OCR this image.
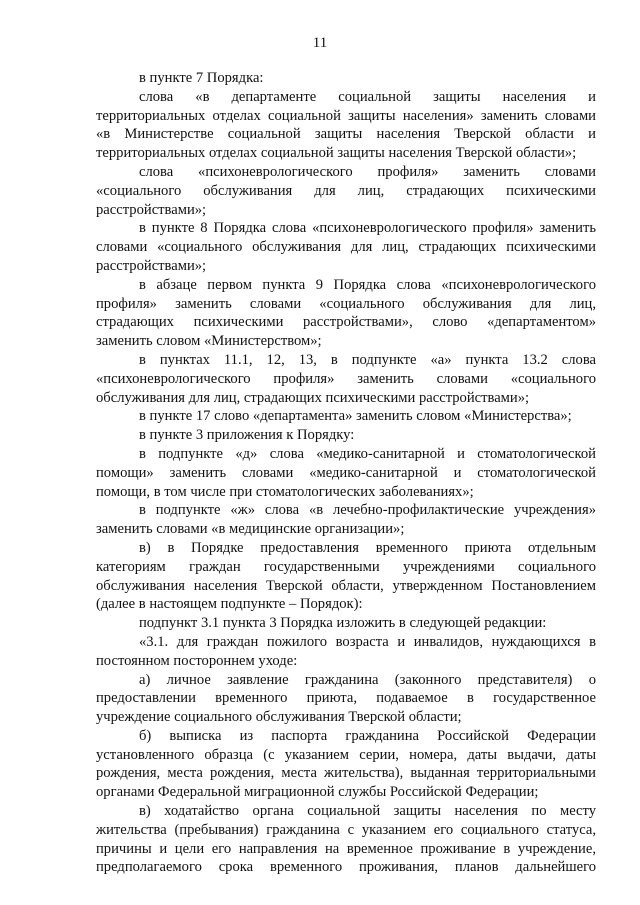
11
в пункте 7 Порядка:
слова «в департаменте социальной защиты населения и
территориальных отделах социальной защиты населения» заменить словами
«в Министерстве социальной защиты населения Тверской области и
территориальных отделах социальной защиты населения Тверской области»;
слова «психоневрологического профиля» заменить словами
«социального обслуживания для лиц, страдающих психическими
расстройствами»;
в пункте 8 Порядка слова «психоневрологического профиля» заменить
словами «социального обслуживания для лиц, страдающих психическими
расстройствами»;
в абзаце первом пункта 9 Порядка слова «психоневрологического
профиля» заменить словами «социального обслуживания для лиц,
страдающих психическими расстройствами», слово «департаментом»
заменить словом «Министерством»;
в пунктах 11.1, 12, 13, в подпункте «а» пункта 13.2 слова
«психоневрологического профиля» заменить словами «социального
обслуживания для лиц, страдающих психическими расстройствами»;
в пункте 17 слово «департамента» заменить словом «Министерства»;
в пункте 3 приложения к Порядку:
в подпункте «д» слова «медико-санитарной и стоматологической
помощи» заменить словами «медико-санитарной и стоматологической
помощи, в том числе при стоматологических заболеваниях»;
в подпункте «ж» слова «в лечебно-профилактические учреждения»
заменить словами «в медицинские организации»;
в) в Порядке предоставления временного приюта отдельным
категориям граждан государственными учреждениями социального
обслуживания населения Тверской области, утвержденном Постановлением
(далее в настоящем подпункте – Порядок):
подпункт 3.1 пункта 3 Порядка изложить в следующей редакции:
«3.1. для граждан пожилого возраста и инвалидов, нуждающихся в
постоянном постороннем уходе:
а) личное заявление гражданина (законного представителя) о
предоставлении временного приюта, подаваемое в государственное
учреждение социального обслуживания Тверской области;
б) выписка из паспорта гражданина Российской Федерации
установленного образца (с указанием серии, номера, даты выдачи, даты
рождения, места рождения, места жительства), выданная территориальными
органами Федеральной миграционной службы Российской Федерации;
в) ходатайство органа социальной защиты населения по месту
жительства (пребывания) гражданина с указанием его социального статуса,
причины и цели его направления на временное проживание в учреждение,
предполагаемого срока временного проживания, планов дальнейшего
